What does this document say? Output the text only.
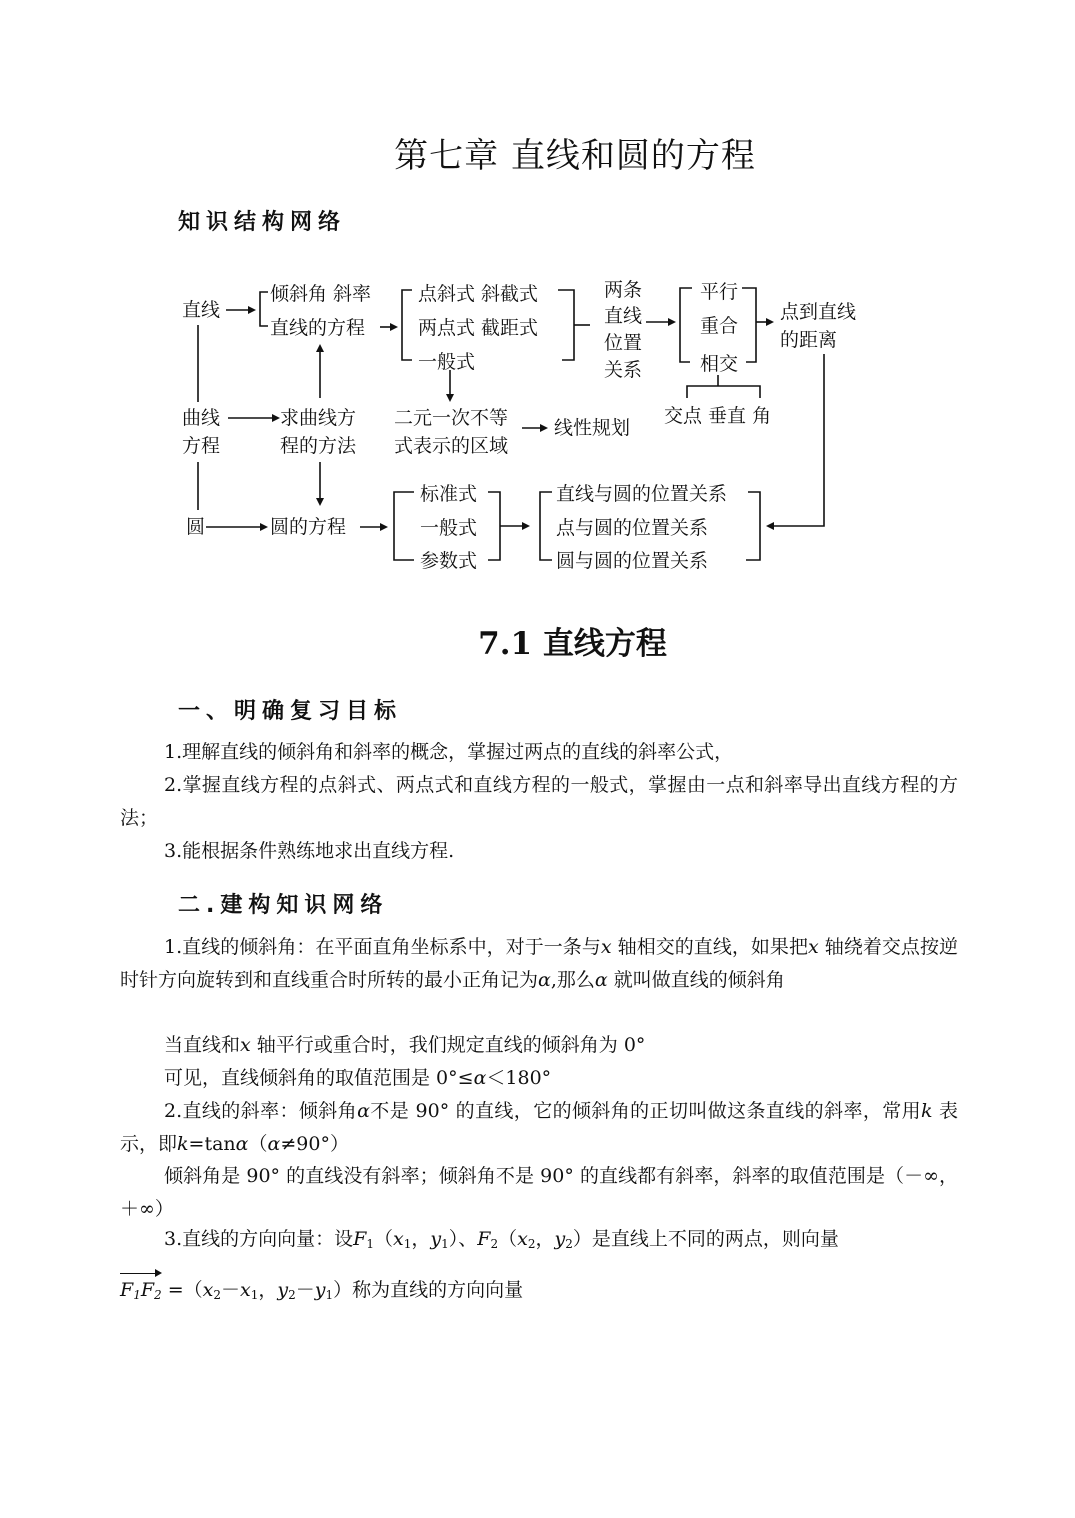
第七章 直线和圆的方程
知识结构网络
直线
倾斜角 斜率
直线的方程
点斜式 斜截式
两点式 截距式
一般式
两条
直线
位置
关系
平行
重合
相交
点到直线
的距离
交点 垂直 角
曲线
方程
求曲线方
程的方法
二元一次不等
式表示的区域
线性规划
圆	圆的方程
标准式
一般式
参数式
直线与圆的位置关系
点与圆的位置关系
圆与圆的位置关系
7.1 直线方程
一、明确复习目标

1.理解直线的倾斜角和斜率的概念，掌握过两点的直线的斜率公式，

2.掌握直线方程的点斜式、两点式和直线方程的一般式，掌握由一点和斜率导出直线方程的方法；

3.能根据条件熟练地求出直线方程.

二.建构知识网络

1.直线的倾斜角：在平面直角坐标系中，对于一条与x 轴相交的直线，如果把x 轴绕着交点按逆时针方向旋转到和直线重合时所转的最小正角记为α,那么α 就叫做直线的倾斜角

当直线和x 轴平行或重合时，我们规定直线的倾斜角为 0°

可见，直线倾斜角的取值范围是 0°≤α＜180°

2.直线的斜率：倾斜角α不是 90° 的直线，它的倾斜角的正切叫做这条直线的斜率，常用k 表示，即k=tanα（α≠90°）

倾斜角是 90° 的直线没有斜率；倾斜角不是 90° 的直线都有斜率，斜率的取值范围是（－∞，＋∞）

3.直线的方向向量：设$F_1(x_1$，$y_1$）、$F_2(x_2$，$y_2$）是直线上不同的两点，则向量

$F_1F_2 =(x_2-x_1$，$y_2-y_1$）称为直线的方向向量
